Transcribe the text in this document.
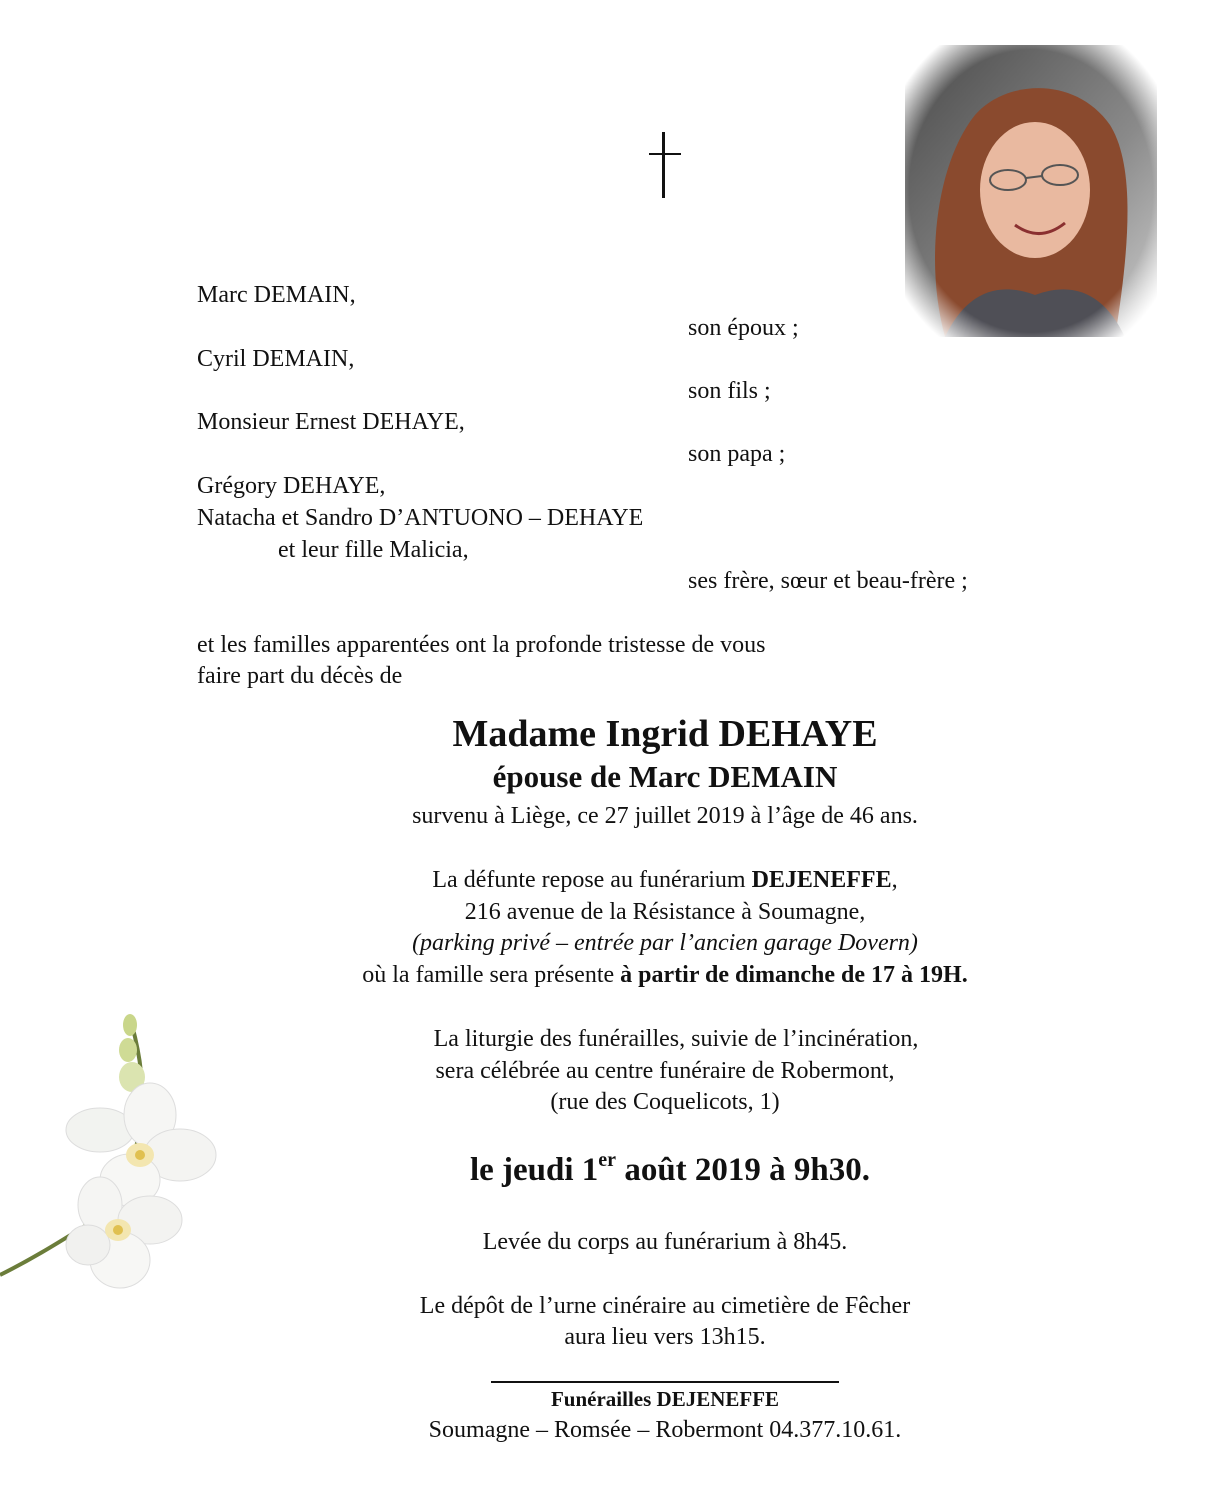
Marc DEMAIN,
son époux ;
Cyril DEMAIN,
son fils ;
Monsieur Ernest DEHAYE,
son papa ;
Grégory DEHAYE,
Natacha et Sandro D’ANTUONO – DEHAYE
et leur fille Malicia,
ses frère, sœur et beau-frère ;
et les familles apparentées ont la profonde tristesse de vous
faire part du décès de
Madame Ingrid DEHAYE
épouse de Marc DEMAIN
survenu à Liège, ce 27 juillet 2019 à l’âge de 46 ans.
La défunte repose au funérarium DEJENEFFE,
216 avenue de la Résistance à Soumagne,
(parking privé – entrée par l’ancien garage Dovern)
où la famille sera présente à partir de dimanche de 17 à 19H.
La liturgie des funérailles, suivie de l’incinération,
sera célébrée au centre funéraire de Robermont,
(rue des Coquelicots, 1)
le jeudi 1er août 2019 à 9h30.
Levée du corps au funérarium à 8h45.
Le dépôt de l’urne cinéraire au cimetière de Fêcher
aura lieu vers 13h15.
Funérailles DEJENEFFE
Soumagne – Romsée – Robermont 04.377.10.61.
